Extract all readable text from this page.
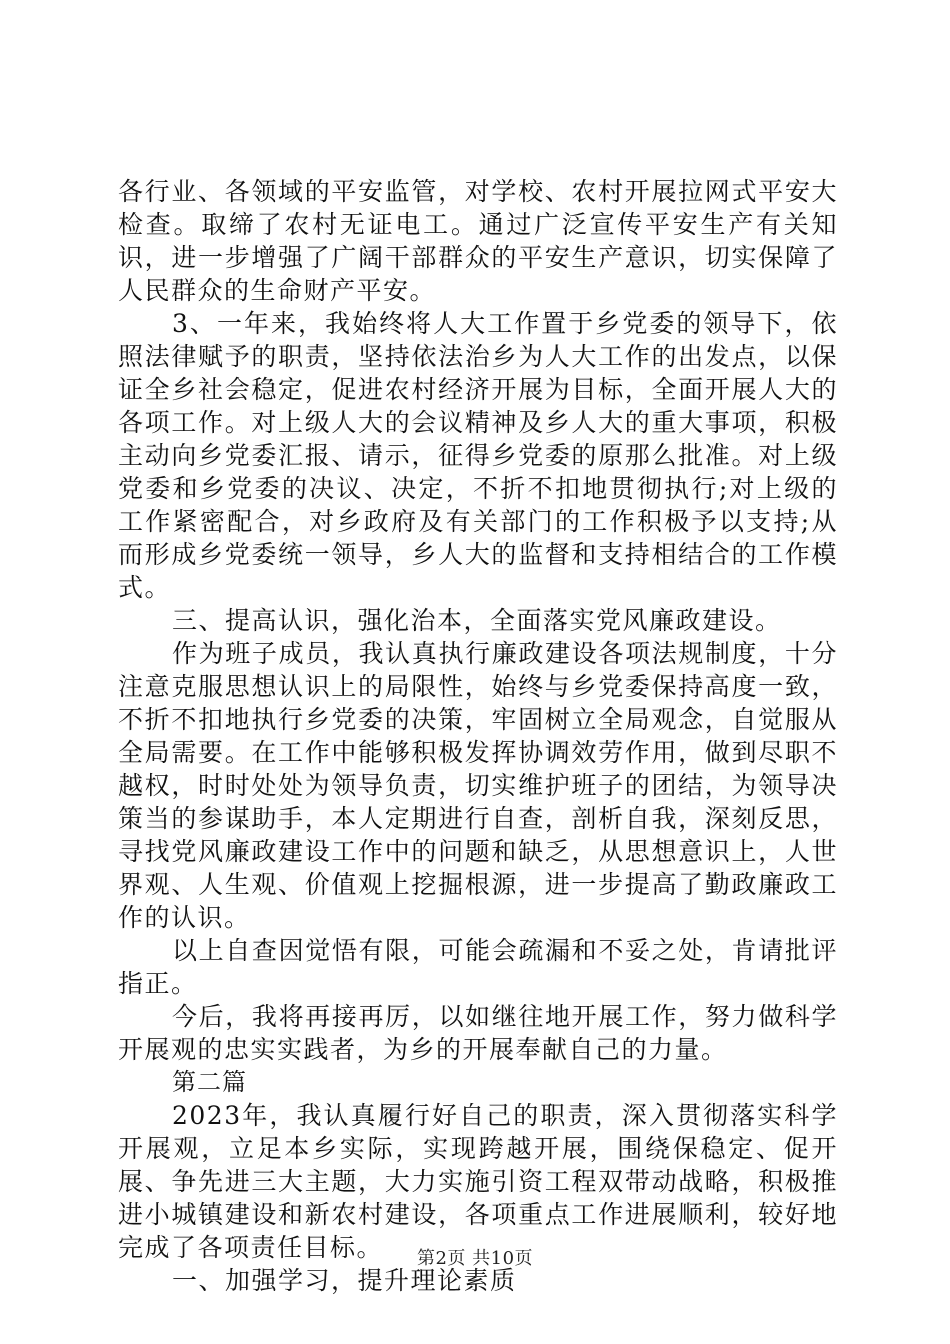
各行业、各领域的平安监管，对学校、农村开展拉网式平安大检查。取缔了农村无证电工。通过广泛宣传平安生产有关知识，进一步增强了广阔干部群众的平安生产意识，切实保障了人民群众的生命财产平安。

3、一年来，我始终将人大工作置于乡党委的领导下，依照法律赋予的职责，坚持依法治乡为人大工作的出发点，以保证全乡社会稳定，促进农村经济开展为目标，全面开展人大的各项工作。对上级人大的会议精神及乡人大的重大事项，积极主动向乡党委汇报、请示，征得乡党委的原那么批准。对上级党委和乡党委的决议、决定，不折不扣地贯彻执行;对上级的工作紧密配合，对乡政府及有关部门的工作积极予以支持;从而形成乡党委统一领导，乡人大的监督和支持相结合的工作模式。

三、提高认识，强化治本，全面落实党风廉政建设。

作为班子成员，我认真执行廉政建设各项法规制度，十分注意克服思想认识上的局限性，始终与乡党委保持高度一致，不折不扣地执行乡党委的决策，牢固树立全局观念，自觉服从全局需要。在工作中能够积极发挥协调效劳作用，做到尽职不越权，时时处处为领导负责，切实维护班子的团结，为领导决策当的参谋助手，本人定期进行自查，剖析自我，深刻反思，寻找党风廉政建设工作中的问题和缺乏，从思想意识上，人世界观、人生观、价值观上挖掘根源，进一步提高了勤政廉政工作的认识。

以上自查因觉悟有限，可能会疏漏和不妥之处，肯请批评指正。

今后，我将再接再厉，以如继往地开展工作，努力做科学开展观的忠实实践者，为乡的开展奉献自己的力量。

第二篇

2023年，我认真履行好自己的职责，深入贯彻落实科学开展观，立足本乡实际，实现跨越开展，围绕保稳定、促开展、争先进三大主题，大力实施引资工程双带动战略，积极推进小城镇建设和新农村建设，各项重点工作进展顺利，较好地完成了各项责任目标。

一、加强学习，提升理论素质

第2页 共10页
